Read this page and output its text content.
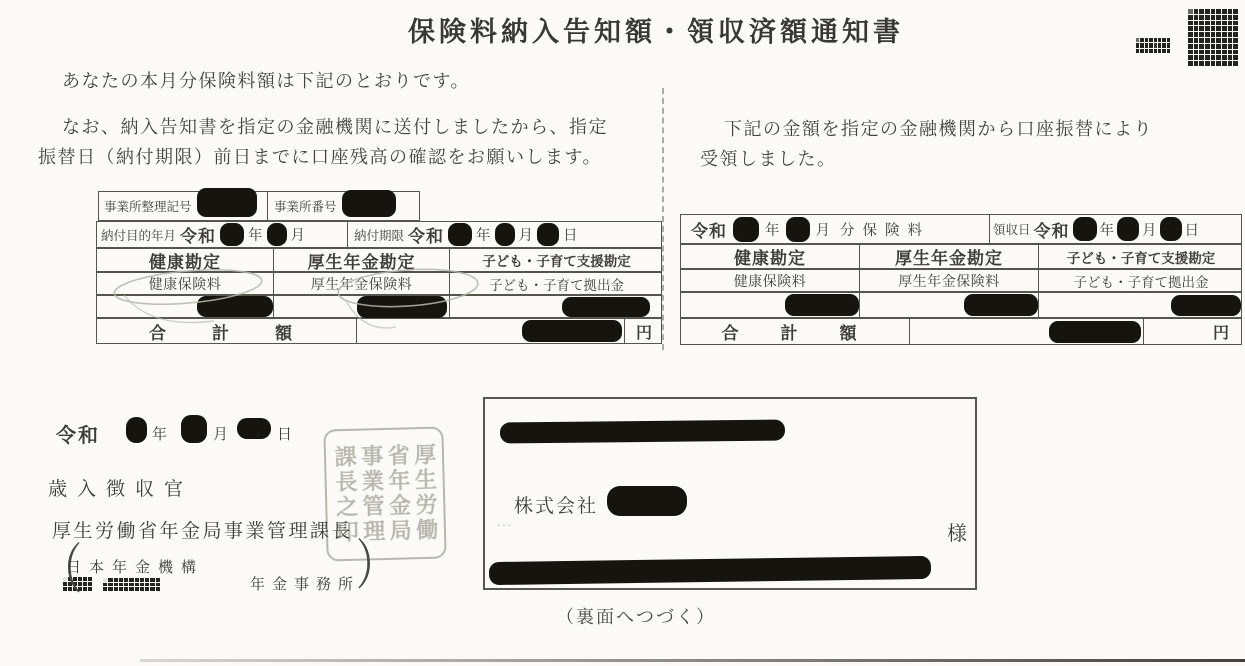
保険料納入告知額・領収済額通知書
あなたの本月分保険料額は下記のとおりです。
なお、納入告知書を指定の金融機関に送付しましたから、指定
振替日（納付期限）前日までに口座残高の確認をお願いします。
下記の金額を指定の金融機関から口座振替により
受領しました。
事業所整理記号	事業所番号
納付目的年月 令和 年 月	納付期限 令和 年 月 日
健康勘定	厚生年金勘定	子ども・子育て支援勘定
健康保険料	厚生年金保険料	子ども・子育て拠出金
合計額	円
令和	年 月 分保険料	領収日 令和 年 月 日
健康勘定	厚生年金勘定	子ども・子育て支援勘定
健康保険料	厚生年金保険料	子ども・子育て拠出金
合計額	円
令和	年	月	日
歳入徴収官
厚生労働省年金局事業管理課長
（
日本年金機構
年金事務所
）
厚生労働
省年金局
事業管理
課長之印	株式会社
...
様
（裏面へつづく）
